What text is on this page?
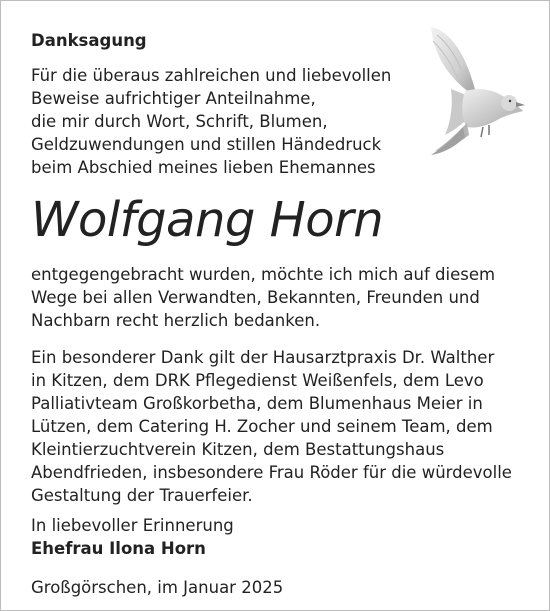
Danksagung
Für die überaus zahlreichen und liebevollen
Beweise aufrichtiger Anteilnahme,
die mir durch Wort, Schrift, Blumen,
Geldzuwendungen und stillen Händedruck
beim Abschied meines lieben Ehemannes
Wolfgang Horn
entgegengebracht wurden, möchte ich mich auf diesem
Wege bei allen Verwandten, Bekannten, Freunden und
Nachbarn recht herzlich bedanken.
Ein besonderer Dank gilt der Hausarztpraxis Dr. Walther
in Kitzen, dem DRK Pflegedienst Weißenfels, dem Levo
Palliativteam Großkorbetha, dem Blumenhaus Meier in
Lützen, dem Catering H. Zocher und seinem Team, dem
Kleintierzuchtverein Kitzen, dem Bestattungshaus
Abendfrieden, insbesondere Frau Röder für die würdevolle
Gestaltung der Trauerfeier.
In liebevoller Erinnerung
Ehefrau Ilona Horn
Großgörschen, im Januar 2025
